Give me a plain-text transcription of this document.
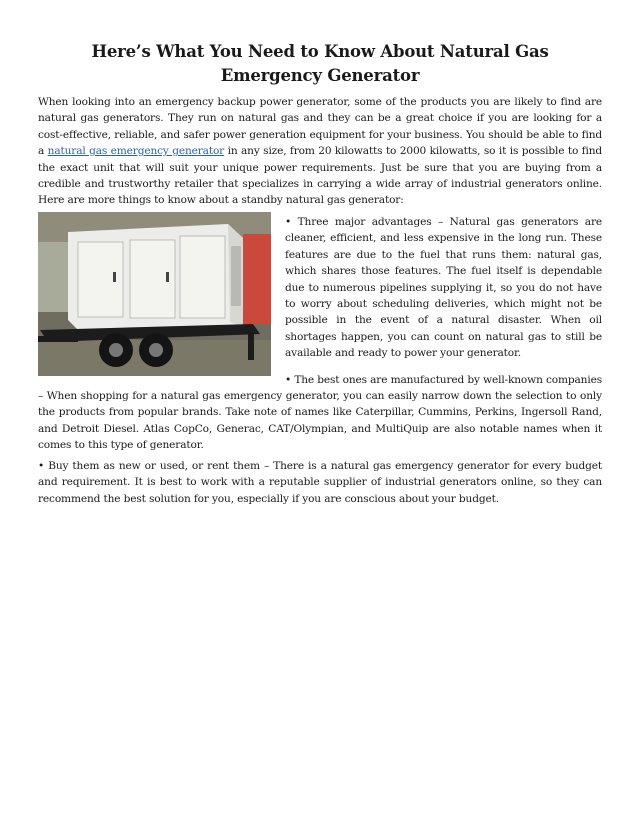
Here’s What You Need to Know About Natural Gas Emergency Generator
When looking into an emergency backup power generator, some of the products you are likely to find are natural gas generators. They run on natural gas and they can be a great choice if you are looking for a cost-effective, reliable, and safer power generation equipment for your business. You should be able to find a natural gas emergency generator in any size, from 20 kilowatts to 2000 kilowatts, so it is possible to find the exact unit that will suit your unique power requirements. Just be sure that you are buying from a credible and trustworthy retailer that specializes in carrying a wide array of industrial generators online. Here are more things to know about a standby natural gas generator:

• Three major advantages – Natural gas generators are cleaner, efficient, and less expensive in the long run. These features are due to the fuel that runs them: natural gas, which shares those features. The fuel itself is dependable due to numerous pipelines supplying it, so you do not have to worry about scheduling deliveries, which might not be possible in the event of a natural disaster. When oil shortages happen, you can count on natural gas to still be available and ready to power your generator.

• The best ones are manufactured by well-known companies – When shopping for a natural gas emergency generator, you can easily narrow down the selection to only the products from popular brands. Take note of names like Caterpillar, Cummins, Perkins, Ingersoll Rand, and Detroit Diesel. Atlas CopCo, Generac, CAT/Olympian, and MultiQuip are also notable names when it comes to this type of generator.

• Buy them as new or used, or rent them – There is a natural gas emergency generator for every budget and requirement. It is best to work with a reputable supplier of industrial generators online, so they can recommend the best solution for you, especially if you are conscious about your budget.
